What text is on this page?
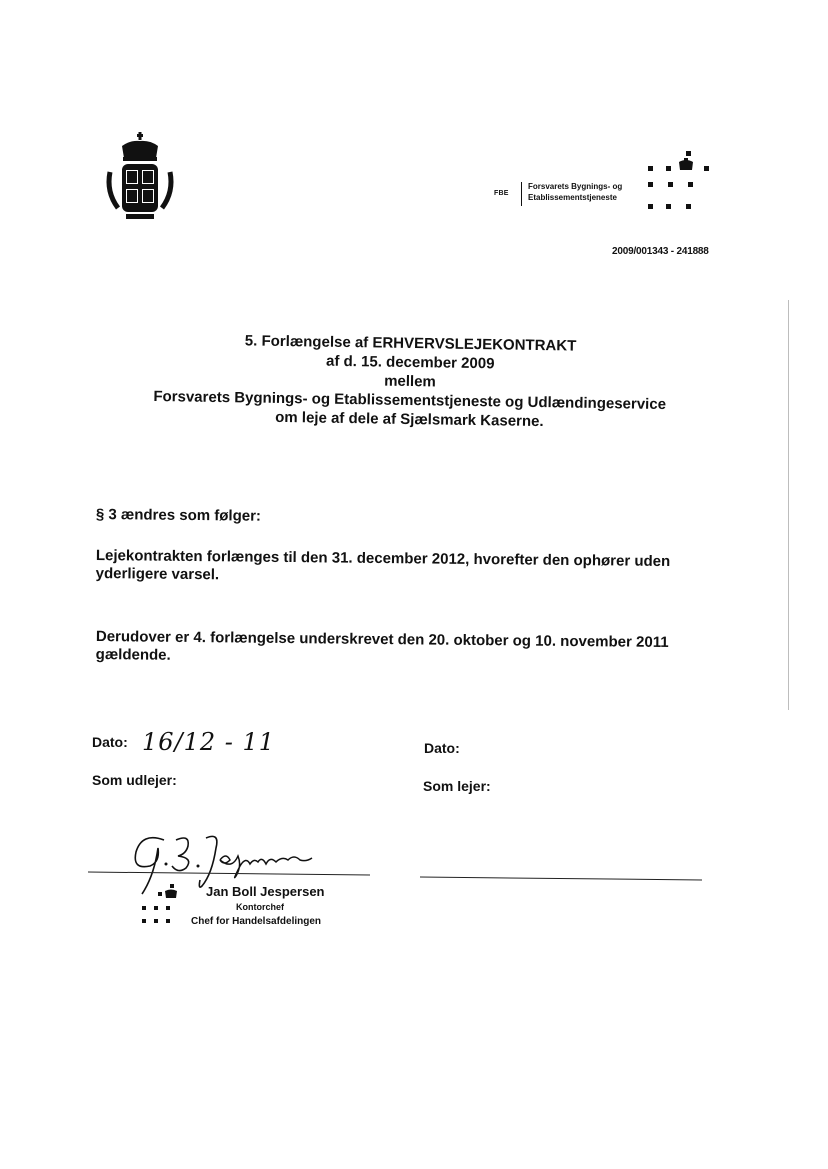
FBE
Forsvarets Bygnings- og
Etablissementstjeneste
2009/001343 - 241888
5. Forlængelse af ERHVERVSLEJEKONTRAKT
af d. 15. december 2009
mellem
Forsvarets Bygnings- og Etablissementstjeneste og Udlændingeservice
om leje af dele af Sjælsmark Kaserne.
§ 3 ændres som følger:
Lejekontrakten forlænges til den 31. december 2012, hvorefter den ophører uden yderligere varsel.
Derudover er 4. forlængelse underskrevet den 20. oktober og 10. november 2011 gældende.
Dato: 16/12 - 11	Dato:
Som udlejer:	Som lejer:
Jan Boll Jespersen
Kontorchef
Chef for Handelsafdelingen
